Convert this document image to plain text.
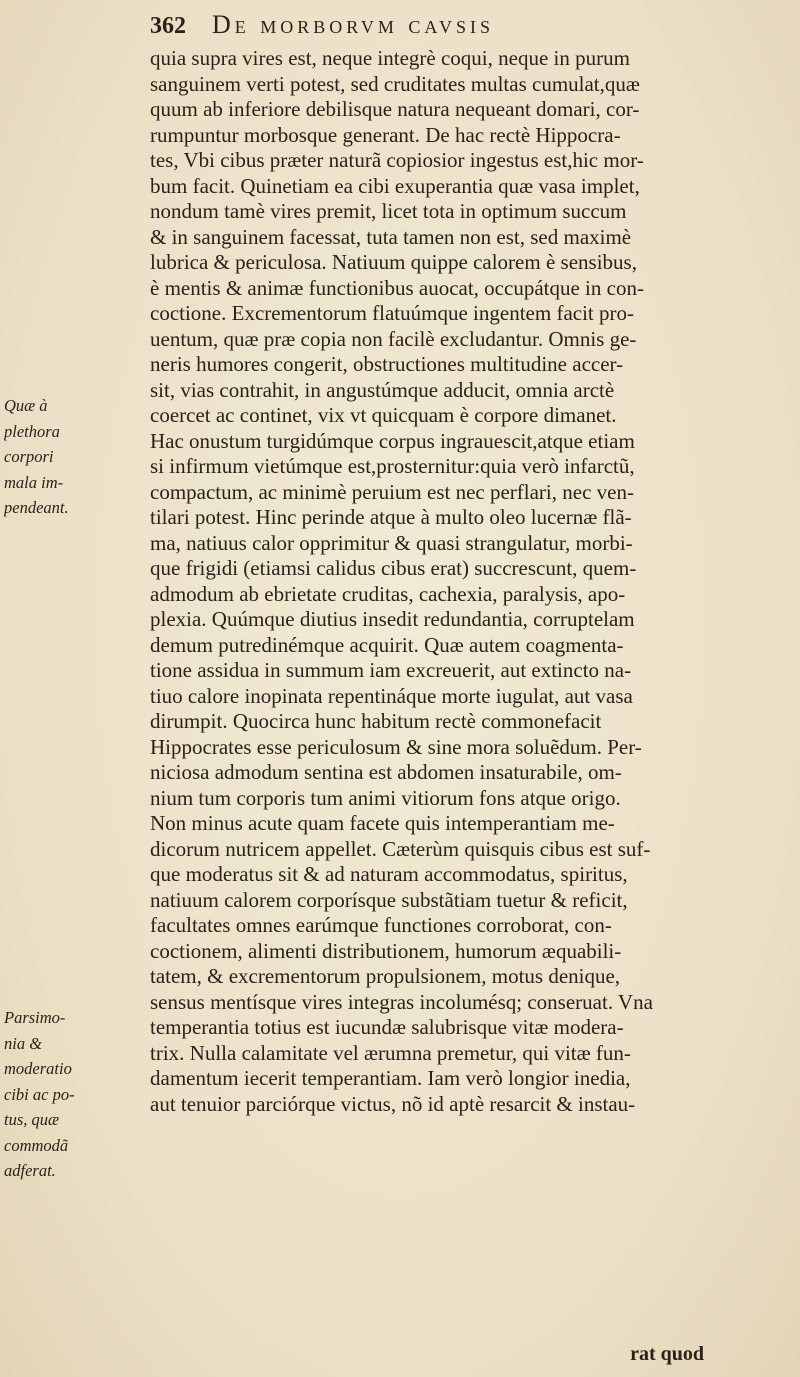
362 De morborvm cavsis
Quæ à
plethora
corpori
mala im-
pendeant.
Parsimo-
nia &
moderatio
cibi ac po-
tus, quæ
commodã
adferat.
quia supra vires est, neque integrè coqui, neque in purum
sanguinem verti potest, sed cruditates multas cumulat,quæ
quum ab inferiore debilisque natura nequeant domari, cor-
rumpuntur morbosque generant. De hac rectè Hippocra-
tes, Vbi cibus præter naturã copiosior ingestus est,hic mor-
bum facit. Quinetiam ea cibi exuperantia quæ vasa implet,
nondum tamè vires premit, licet tota in optimum succum
& in sanguinem facessat, tuta tamen non est, sed maximè
lubrica & periculosa. Natiuum quippe calorem è sensibus,
è mentis & animæ functionibus auocat, occupátque in con-
coctione. Excrementorum flatuúmque ingentem facit pro-
uentum, quæ præ copia non facilè excludantur. Omnis ge-
neris humores congerit, obstructiones multitudine accer-
sit, vias contrahit, in angustúmque adducit, omnia arctè
coercet ac continet, vix vt quicquam è corpore dimanet.
Hac onustum turgidúmque corpus ingrauescit,atque etiam
si infirmum vietúmque est,prosternitur:quia verò infarctũ,
compactum, ac minimè peruium est nec perflari, nec ven-
tilari potest. Hinc perinde atque à multo oleo lucernæ flã-
ma, natiuus calor opprimitur & quasi strangulatur, morbi-
que frigidi (etiamsi calidus cibus erat) succrescunt, quem-
admodum ab ebrietate cruditas, cachexia, paralysis, apo-
plexia. Quúmque diutius insedit redundantia, corruptelam
demum putredinémque acquirit. Quæ autem coagmenta-
tione assidua in summum iam excreuerit, aut extincto na-
tiuo calore inopinata repentináque morte iugulat, aut vasa
dirumpit. Quocirca hunc habitum rectè commonefacit
Hippocrates esse periculosum & sine mora soluẽdum. Per-
niciosa admodum sentina est abdomen insaturabile, om-
nium tum corporis tum animi vitiorum fons atque origo.
Non minus acute quam facete quis intemperantiam me-
dicorum nutricem appellet. Cæterùm quisquis cibus est suf-
que moderatus sit & ad naturam accommodatus, spiritus,
natiuum calorem corporísque substãtiam tuetur & reficit,
facultates omnes earúmque functiones corroborat, con-
coctionem, alimenti distributionem, humorum æquabili-
tatem, & excrementorum propulsionem, motus denique,
sensus mentísque vires integras incolumésq; conseruat. Vna
temperantia totius est iucundæ salubrisque vitæ modera-
trix. Nulla calamitate vel ærumna premetur, qui vitæ fun-
damentum iecerit temperantiam. Iam verò longior inedia,
aut tenuior parciórque victus, nõ id aptè resarcit & instau-
rat quod
